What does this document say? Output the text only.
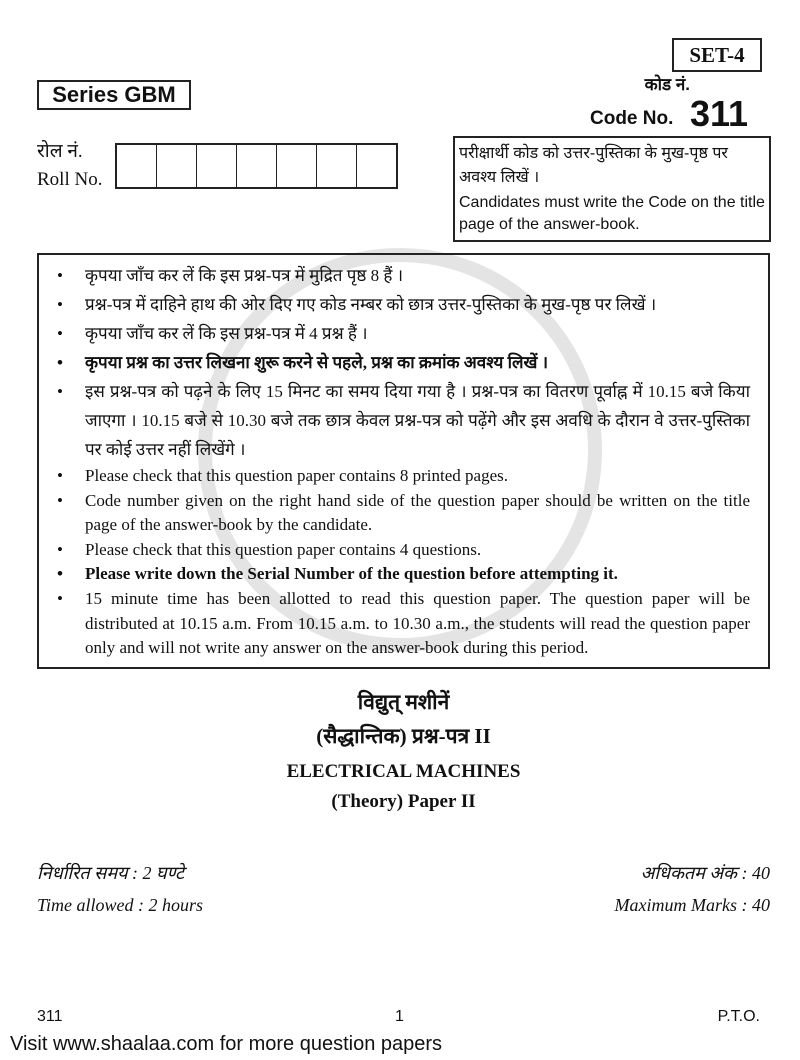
SET-4
Series GBM	कोड नं.
Code No. 311
रोल नं.
Roll No.
परीक्षार्थी कोड को उत्तर-पुस्तिका के मुख-पृष्ठ पर अवश्य लिखें ।
Candidates must write the Code on the title page of the answer-book.
• कृपया जाँच कर लें कि इस प्रश्न-पत्र में मुद्रित पृष्ठ 8 हैं ।
• प्रश्न-पत्र में दाहिने हाथ की ओर दिए गए कोड नम्बर को छात्र उत्तर-पुस्तिका के मुख-पृष्ठ पर लिखें ।
• कृपया जाँच कर लें कि इस प्रश्न-पत्र में 4 प्रश्न हैं ।
• कृपया प्रश्न का उत्तर लिखना शुरू करने से पहले, प्रश्न का क्रमांक अवश्य लिखें ।
• इस प्रश्न-पत्र को पढ़ने के लिए 15 मिनट का समय दिया गया है । प्रश्न-पत्र का वितरण पूर्वाह्न में 10.15 बजे किया जाएगा । 10.15 बजे से 10.30 बजे तक छात्र केवल प्रश्न-पत्र को पढ़ेंगे और इस अवधि के दौरान वे उत्तर-पुस्तिका पर कोई उत्तर नहीं लिखेंगे ।
• Please check that this question paper contains 8 printed pages.
• Code number given on the right hand side of the question paper should be written on the title page of the answer-book by the candidate.
• Please check that this question paper contains 4 questions.
• Please write down the Serial Number of the question before attempting it.
• 15 minute time has been allotted to read this question paper. The question paper will be distributed at 10.15 a.m. From 10.15 a.m. to 10.30 a.m., the students will read the question paper only and will not write any answer on the answer-book during this period.
विद्युत् मशीनें
(सैद्धान्तिक) प्रश्न-पत्र II
ELECTRICAL MACHINES
(Theory) Paper II
निर्धारित समय : 2 घण्टे	अधिकतम अंक : 40
Time allowed : 2 hours	Maximum Marks : 40
311	1	P.T.O.
Visit www.shaalaa.com for more question papers
